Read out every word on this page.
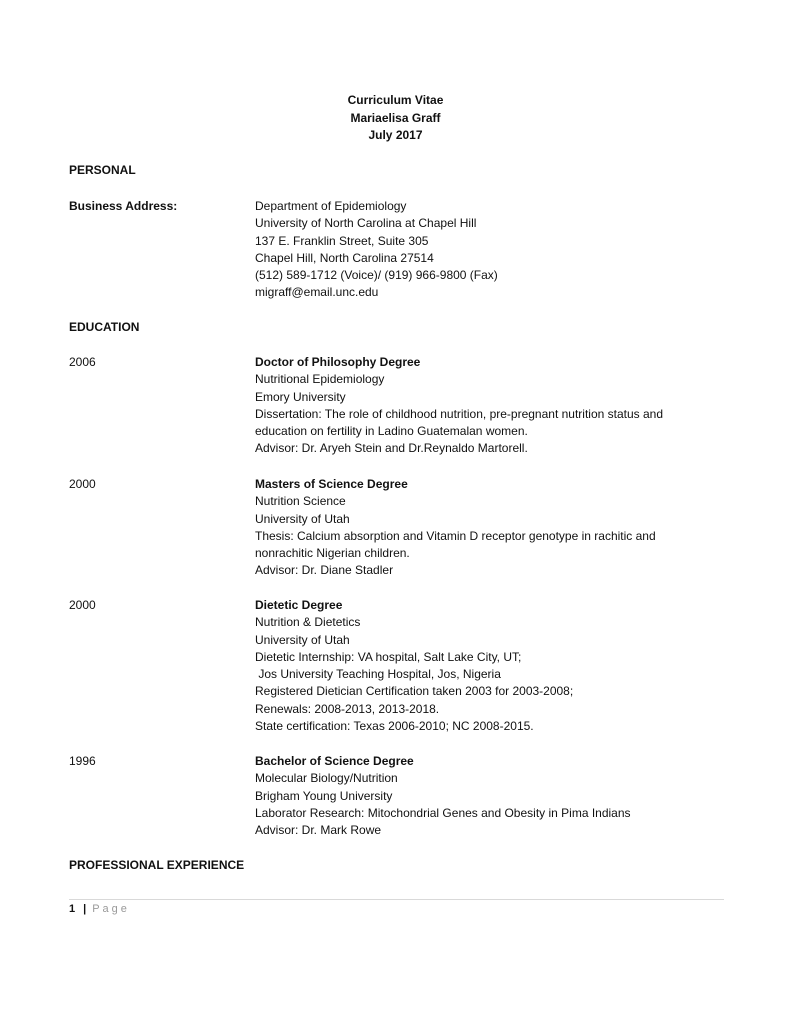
Curriculum Vitae
Mariaelisa Graff
July 2017
PERSONAL
Business Address:	Department of Epidemiology
University of North Carolina at Chapel Hill
137 E. Franklin Street, Suite 305
Chapel Hill, North Carolina 27514
(512) 589-1712 (Voice)/ (919) 966-9800 (Fax)
migraff@email.unc.edu
EDUCATION
2006	Doctor of Philosophy Degree
Nutritional Epidemiology
Emory University
Dissertation: The role of childhood nutrition, pre-pregnant nutrition status and
education on fertility in Ladino Guatemalan women.
Advisor: Dr. Aryeh Stein and Dr.Reynaldo Martorell.
2000	Masters of Science Degree
Nutrition Science
University of Utah
Thesis: Calcium absorption and Vitamin D receptor genotype in rachitic and
nonrachitic Nigerian children.
Advisor: Dr. Diane Stadler
2000	Dietetic Degree
Nutrition & Dietetics
University of Utah
Dietetic Internship: VA hospital, Salt Lake City, UT;
Jos University Teaching Hospital, Jos, Nigeria
Registered Dietician Certification taken 2003 for 2003-2008;
Renewals: 2008-2013, 2013-2018.
State certification: Texas 2006-2010; NC 2008-2015.
1996	Bachelor of Science Degree
Molecular Biology/Nutrition
Brigham Young University
Laborator Research: Mitochondrial Genes and Obesity in Pima Indians
Advisor: Dr. Mark Rowe
PROFESSIONAL EXPERIENCE
1 | Page
